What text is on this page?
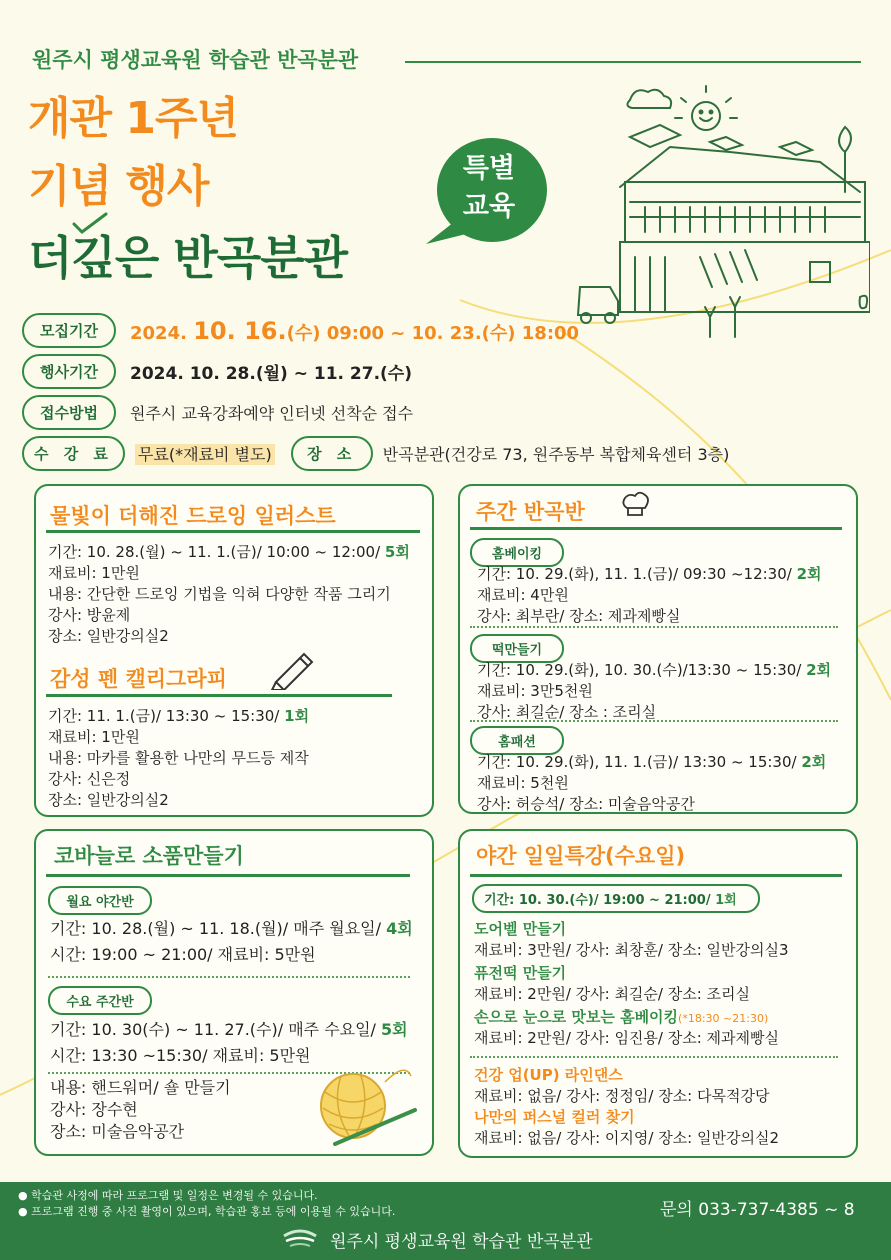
원주시 평생교육원 학습관 반곡분관
개관 1주년
기념 행사
더깊은 반곡분관
특별
교육
모집기간	2024. 10. 16.(수) 09:00 ~ 10. 23.(수) 18:00
행사기간	2024. 10. 28.(월) ~ 11. 27.(수)
접수방법	원주시 교육강좌예약 인터넷 선착순 접수
수 강 료	무료(*재료비 별도)	장 소	반곡분관(건강로 73, 원주동부 복합체육센터 3층)
물빛이 더해진 드로잉 일러스트
기간: 10. 28.(월) ~ 11. 1.(금)/ 10:00 ~ 12:00/ 5회
재료비: 1만원
내용: 간단한 드로잉 기법을 익혀 다양한 작품 그리기
강사: 방윤제
장소: 일반강의실2
감성 펜 캘리그라피
기간: 11. 1.(금)/ 13:30 ~ 15:30/ 1회
재료비: 1만원
내용: 마카를 활용한 나만의 무드등 제작
강사: 신은정
장소: 일반강의실2
주간 반곡반
홈베이킹
기간: 10. 29.(화), 11. 1.(금)/ 09:30 ~12:30/ 2회
재료비: 4만원
강사: 최부란/ 장소: 제과제빵실
떡만들기
기간: 10. 29.(화), 10. 30.(수)/13:30 ~ 15:30/ 2회
재료비: 3만5천원
강사: 최길순/ 장소 : 조리실
홈패션
기간: 10. 29.(화), 11. 1.(금)/ 13:30 ~ 15:30/ 2회
재료비: 5천원
강사: 허승석/ 장소: 미술음악공간
코바늘로 소품만들기
월요 야간반
기간: 10. 28.(월) ~ 11. 18.(월)/ 매주 월요일/ 4회
시간: 19:00 ~ 21:00/ 재료비: 5만원
수요 주간반
기간: 10. 30(수) ~ 11. 27.(수)/ 매주 수요일/ 5회
시간: 13:30 ~15:30/ 재료비: 5만원
내용: 핸드워머/ 숄 만들기
강사: 장수현
장소: 미술음악공간
야간 일일특강(수요일)
기간: 10. 30.(수)/ 19:00 ~ 21:00/ 1회
도어벨 만들기
재료비: 3만원/ 강사: 최창훈/ 장소: 일반강의실3
퓨전떡 만들기
재료비: 2만원/ 강사: 최길순/ 장소: 조리실
손으로 눈으로 맛보는 홈베이킹(*18:30 ~21:30)
재료비: 2만원/ 강사: 임진용/ 장소: 제과제빵실
건강 업(UP) 라인댄스
재료비: 없음/ 강사: 정정임/ 장소: 다목적강당
나만의 퍼스널 컬러 찾기
재료비: 없음/ 강사: 이지영/ 장소: 일반강의실2
● 학습관 사정에 따라 프로그램 및 일정은 변경될 수 있습니다.
● 프로그램 진행 중 사진 촬영이 있으며, 학습관 홍보 등에 이용될 수 있습니다.	문의 033-737-4385 ~ 8
원주시 평생교육원 학습관 반곡분관
